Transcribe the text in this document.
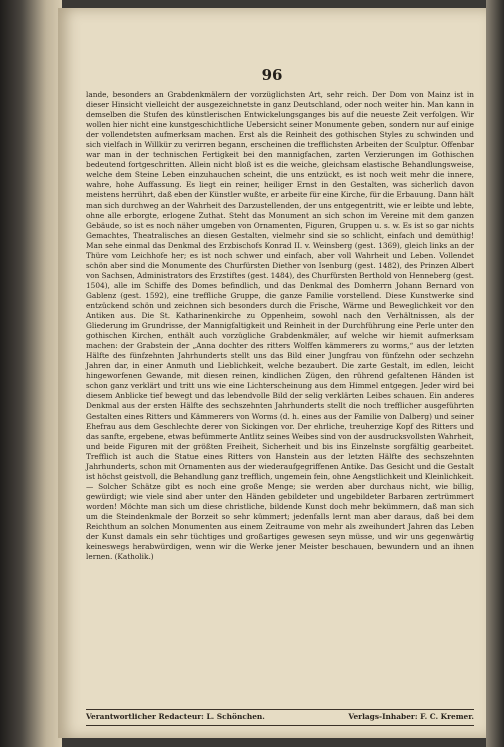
96
lande, besonders an Grabdenkmälern der vorzüglichsten Art, sehr reich. Der Dom von Mainz ist in dieser Hinsicht vielleicht der ausgezeichnetste in ganz Deutschland, oder noch weiter hin. Man kann in demselben die Stufen des künstlerischen Entwickelungsganges bis auf die neueste Zeit verfolgen. Wir wollen hier nicht eine kunstgeschichtliche Uebersicht seiner Monumente geben, sondern nur auf einige der vollendetsten aufmerksam machen. Erst als die Reinheit des gothischen Styles zu schwinden und sich vielfach in Willkür zu verirren begann, erscheinen die trefflichsten Arbeiten der Sculptur. Offenbar war man in der technischen Fertigkeit bei den mannigfachen, zarten Verzierungen im Gothischen bedeutend fortgeschritten. Allein nicht bloß ist es die weiche, gleichsam elastische Behandlungsweise, welche dem Steine Leben einzuhauchen scheint, die uns entzückt, es ist noch weit mehr die innere, wahre, hohe Auffassung. Es liegt ein reiner, heiliger Ernst in den Gestalten, was sicherlich davon meistens herrührt, daß eben der Künstler wußte, er arbeite für eine Kirche, für die Erbauung. Dann hält man sich durchweg an der Wahrheit des Darzustellenden, der uns entgegentritt, wie er leibte und lebte, ohne alle erborgte, erlogene Zuthat. Steht das Monument an sich schon im Vereine mit dem ganzen Gebäude, so ist es noch näher umgeben von Ornamenten, Figuren, Gruppen u. s. w. Es ist so gar nichts Gemachtes, Theatralisches an diesen Gestalten, vielmehr sind sie so schlicht, einfach und demüthig! Man sehe einmal das Denkmal des Erzbischofs Konrad II. v. Weinsberg (gest. 1369), gleich links an der Thüre vom Leichhofe her; es ist noch schwer und einfach, aber voll Wahrheit und Leben. Vollendet schön aber sind die Monumente des Churfürsten Diether von Isenburg (gest. 1482), des Prinzen Albert von Sachsen, Administrators des Erzstiftes (gest. 1484), des Churfürsten Berthold von Henneberg (gest. 1504), alle im Schiffe des Domes befindlich, und das Denkmal des Domherrn Johann Bernard von Gablenz (gest. 1592), eine treffliche Gruppe, die ganze Familie vorstellend. Diese Kunstwerke sind entzückend schön und zeichnen sich besonders durch die Frische, Wärme und Beweglichkeit vor den Antiken aus. Die St. Katharinenkirche zu Oppenheim, sowohl nach den Verhältnissen, als der Gliederung im Grundrisse, der Mannigfaltigkeit und Reinheit in der Durchführung eine Perle unter den gothischen Kirchen, enthält auch vorzügliche Grabdenkmäler, auf welche wir hiemit aufmerksam machen: der Grabstein der „Anna dochter des ritters Wolffen kämmerers zu worms,“ aus der letzten Hälfte des fünfzehnten Jahrhunderts stellt uns das Bild einer Jungfrau von fünfzehn oder sechzehn Jahren dar, in einer Anmuth und Lieblichkeit, welche bezaubert. Die zarte Gestalt, im edlen, leicht hingeworfenen Gewande, mit diesen reinen, kindlichen Zügen, den rührend gefaltenen Händen ist schon ganz verklärt und tritt uns wie eine Lichterscheinung aus dem Himmel entgegen. Jeder wird bei diesem Anblicke tief bewegt und das lebendvolle Bild der selig verklärten Leibes schauen. Ein anderes Denkmal aus der ersten Hälfte des sechszehnten Jahrhunderts stellt die noch trefflicher ausgeführten Gestalten eines Ritters und Kämmerers von Worms (d. h. eines aus der Familie von Dalberg) und seiner Ehefrau aus dem Geschlechte derer von Sickingen vor. Der ehrliche, treuherzige Kopf des Ritters und das sanfte, ergebene, etwas befümmerte Antlitz seines Weibes sind von der ausdrucksvollsten Wahrheit, und beide Figuren mit der größten Freiheit, Sicherheit und bis ins Einzelnste sorgfältig gearbeitet. Trefflich ist auch die Statue eines Ritters von Hanstein aus der letzten Hälfte des sechszehnten Jahrhunderts, schon mit Ornamenten aus der wiederaufgegriffenen Antike. Das Gesicht und die Gestalt ist höchst geistvoll, die Behandlung ganz trefflich, ungemein fein, ohne Aengstlichkeit und Kleinlichkeit. — Solcher Schätze gibt es noch eine große Menge; sie werden aber durchaus nicht, wie billig, gewürdigt; wie viele sind aber unter den Händen gebildeter und ungebildeter Barbaren zertrümmert worden! Möchte man sich um diese christliche, bildende Kunst doch mehr bekümmern, daß man sich um die Steindenkmale der Borzeit so sehr kümmert; jedenfalls lernt man aber daraus, daß bei dem Reichthum an solchen Monumenten aus einem Zeitraume von mehr als zweihundert Jahren das Leben der Kunst damals ein sehr tüchtiges und großartiges gewesen seyn müsse, und wir uns gegenwärtig keineswegs herabwürdigen, wenn wir die Werke jener Meister beschauen, bewundern und an ihnen lernen. (Katholik.)
Verantwortlicher Redacteur: L. Schönchen.	Verlags-Inhaber: F. C. Kremer.
